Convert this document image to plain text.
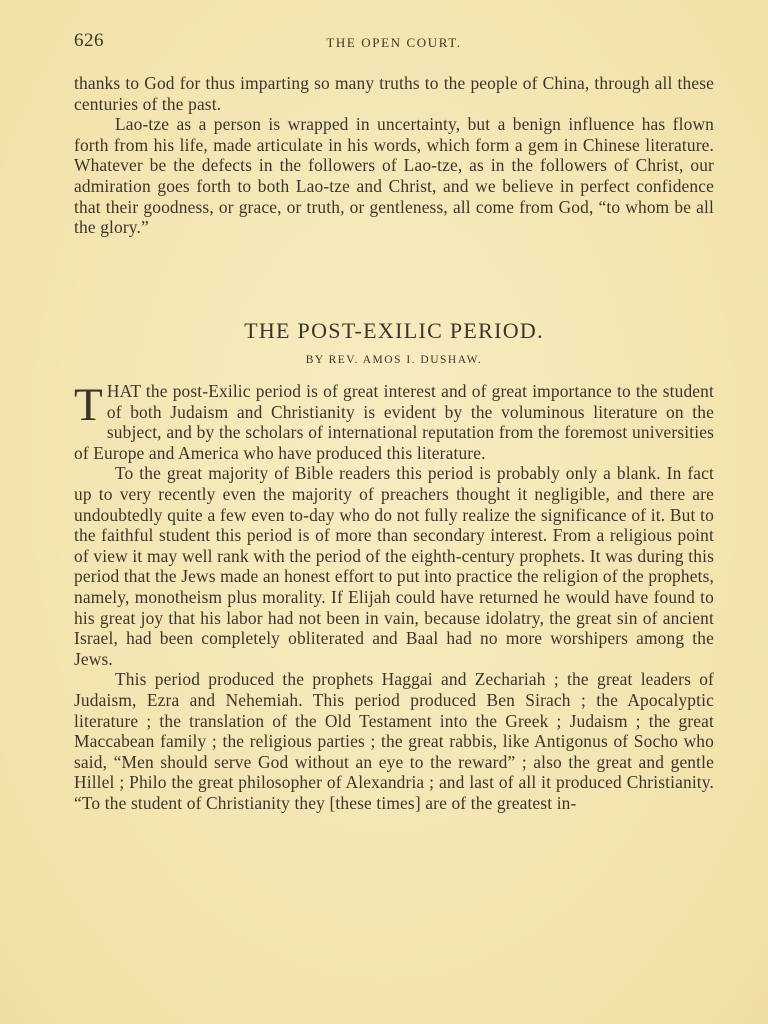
626	THE OPEN COURT.

thanks to God for thus imparting so many truths to the people of China, through all these centuries of the past.

Lao-tze as a person is wrapped in uncertainty, but a benign influence has flown forth from his life, made articulate in his words, which form a gem in Chinese literature. Whatever be the defects in the followers of Lao-tze, as in the followers of Christ, our admiration goes forth to both Lao-tze and Christ, and we believe in perfect confidence that their goodness, or grace, or truth, or gentleness, all come from God, “to whom be all the glory.”

THE POST-EXILIC PERIOD.
BY REV. AMOS I. DUSHAW.

THAT the post-Exilic period is of great interest and of great importance to the student of both Judaism and Christianity is evident by the voluminous literature on the subject, and by the scholars of international reputation from the foremost universities of Europe and America who have produced this literature.

To the great majority of Bible readers this period is probably only a blank. In fact up to very recently even the majority of preachers thought it negligible, and there are undoubtedly quite a few even to-day who do not fully realize the significance of it. But to the faithful student this period is of more than secondary interest. From a religious point of view it may well rank with the period of the eighth-century prophets. It was during this period that the Jews made an honest effort to put into practice the religion of the prophets, namely, monotheism plus morality. If Elijah could have returned he would have found to his great joy that his labor had not been in vain, because idolatry, the great sin of ancient Israel, had been completely obliterated and Baal had no more worshipers among the Jews.

This period produced the prophets Haggai and Zechariah ; the great leaders of Judaism, Ezra and Nehemiah. This period produced Ben Sirach ; the Apocalyptic literature ; the translation of the Old Testament into the Greek ; Judaism ; the great Maccabean family ; the religious parties ; the great rabbis, like Antigonus of Socho who said, “Men should serve God without an eye to the reward” ; also the great and gentle Hillel ; Philo the great philosopher of Alexandria ; and last of all it produced Christianity. “To the student of Christianity they [these times] are of the greatest in-
